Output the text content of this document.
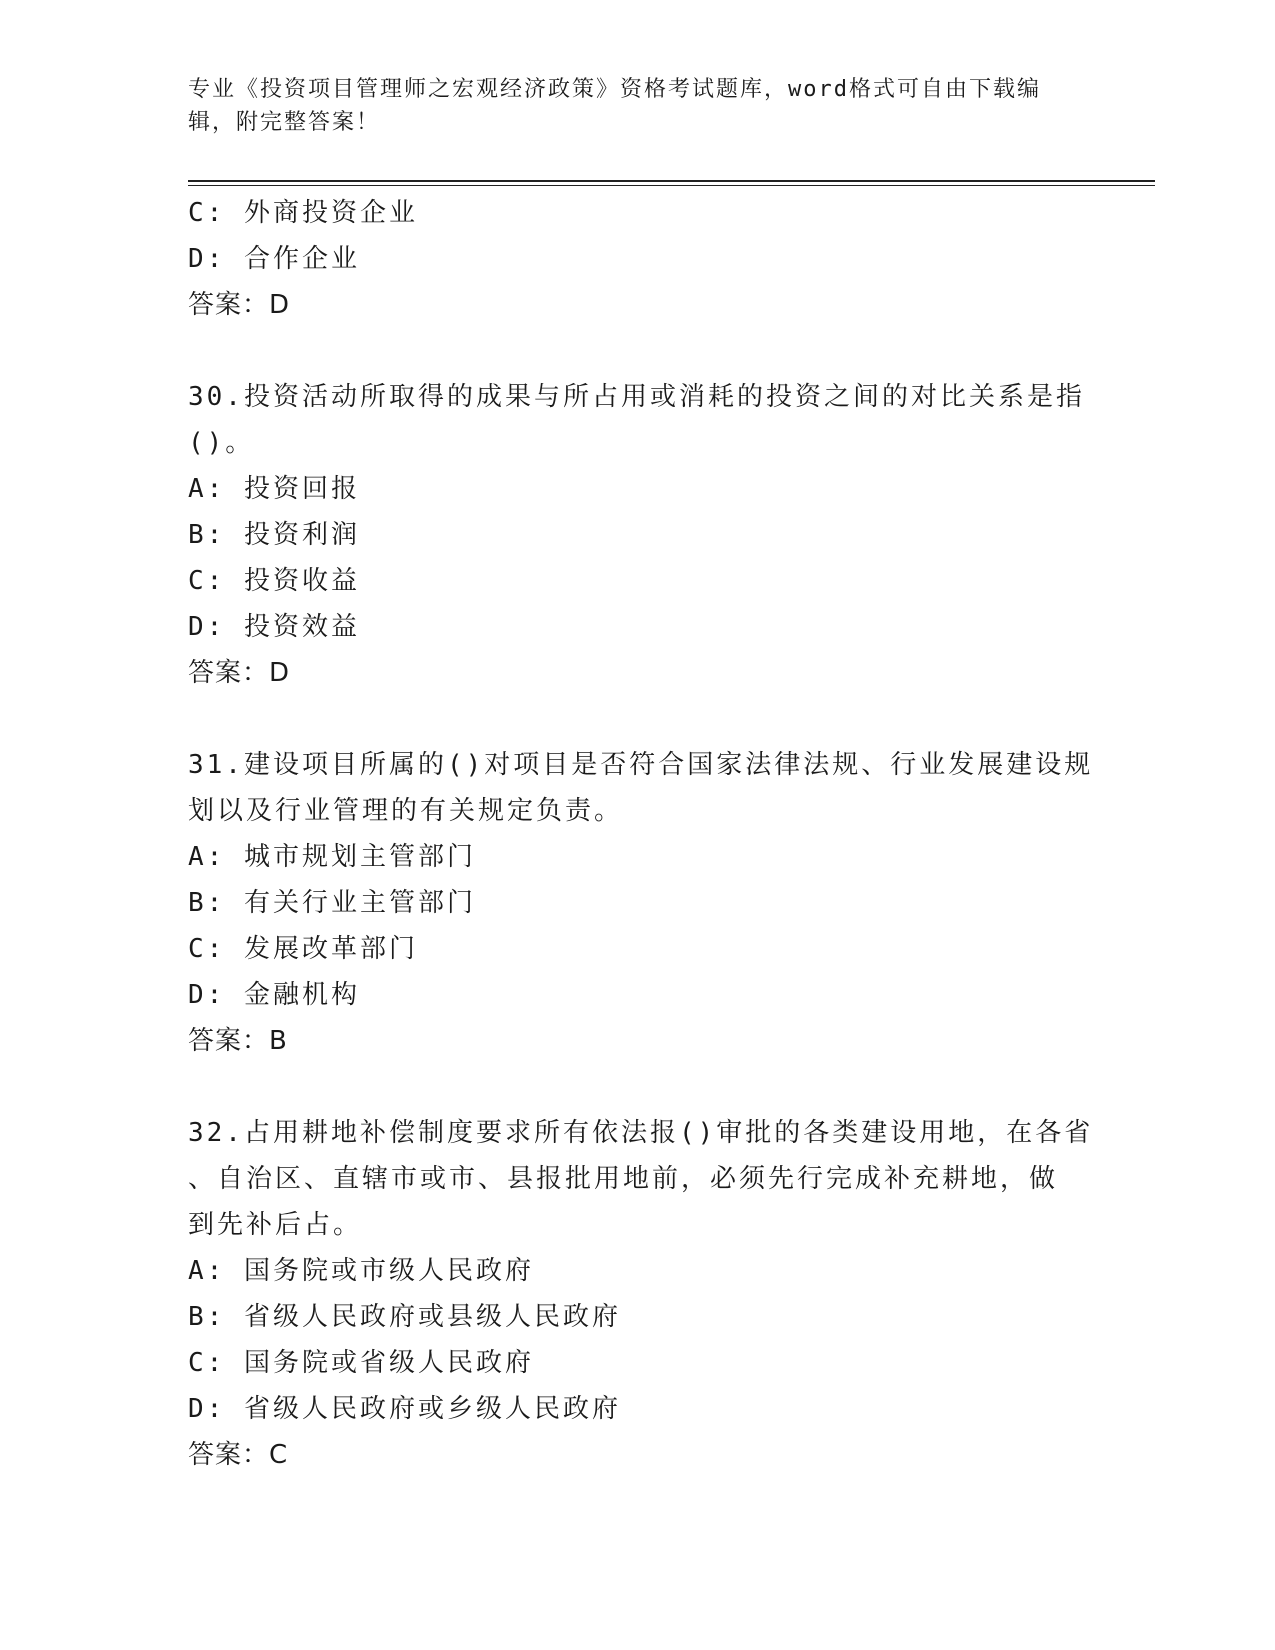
专业《投资项目管理师之宏观经济政策》资格考试题库，word格式可自由下载编辑，附完整答案！
C: 外商投资企业
D: 合作企业
答案：D
30.投资活动所取得的成果与所占用或消耗的投资之间的对比关系是指
()。
A: 投资回报
B: 投资利润
C: 投资收益
D: 投资效益
答案：D
31.建设项目所属的()对项目是否符合国家法律法规、行业发展建设规
划以及行业管理的有关规定负责。
A: 城市规划主管部门
B: 有关行业主管部门
C: 发展改革部门
D: 金融机构
答案：B
32.占用耕地补偿制度要求所有依法报()审批的各类建设用地，在各省
、自治区、直辖市或市、县报批用地前，必须先行完成补充耕地，做
到先补后占。
A: 国务院或市级人民政府
B: 省级人民政府或县级人民政府
C: 国务院或省级人民政府
D: 省级人民政府或乡级人民政府
答案：C
